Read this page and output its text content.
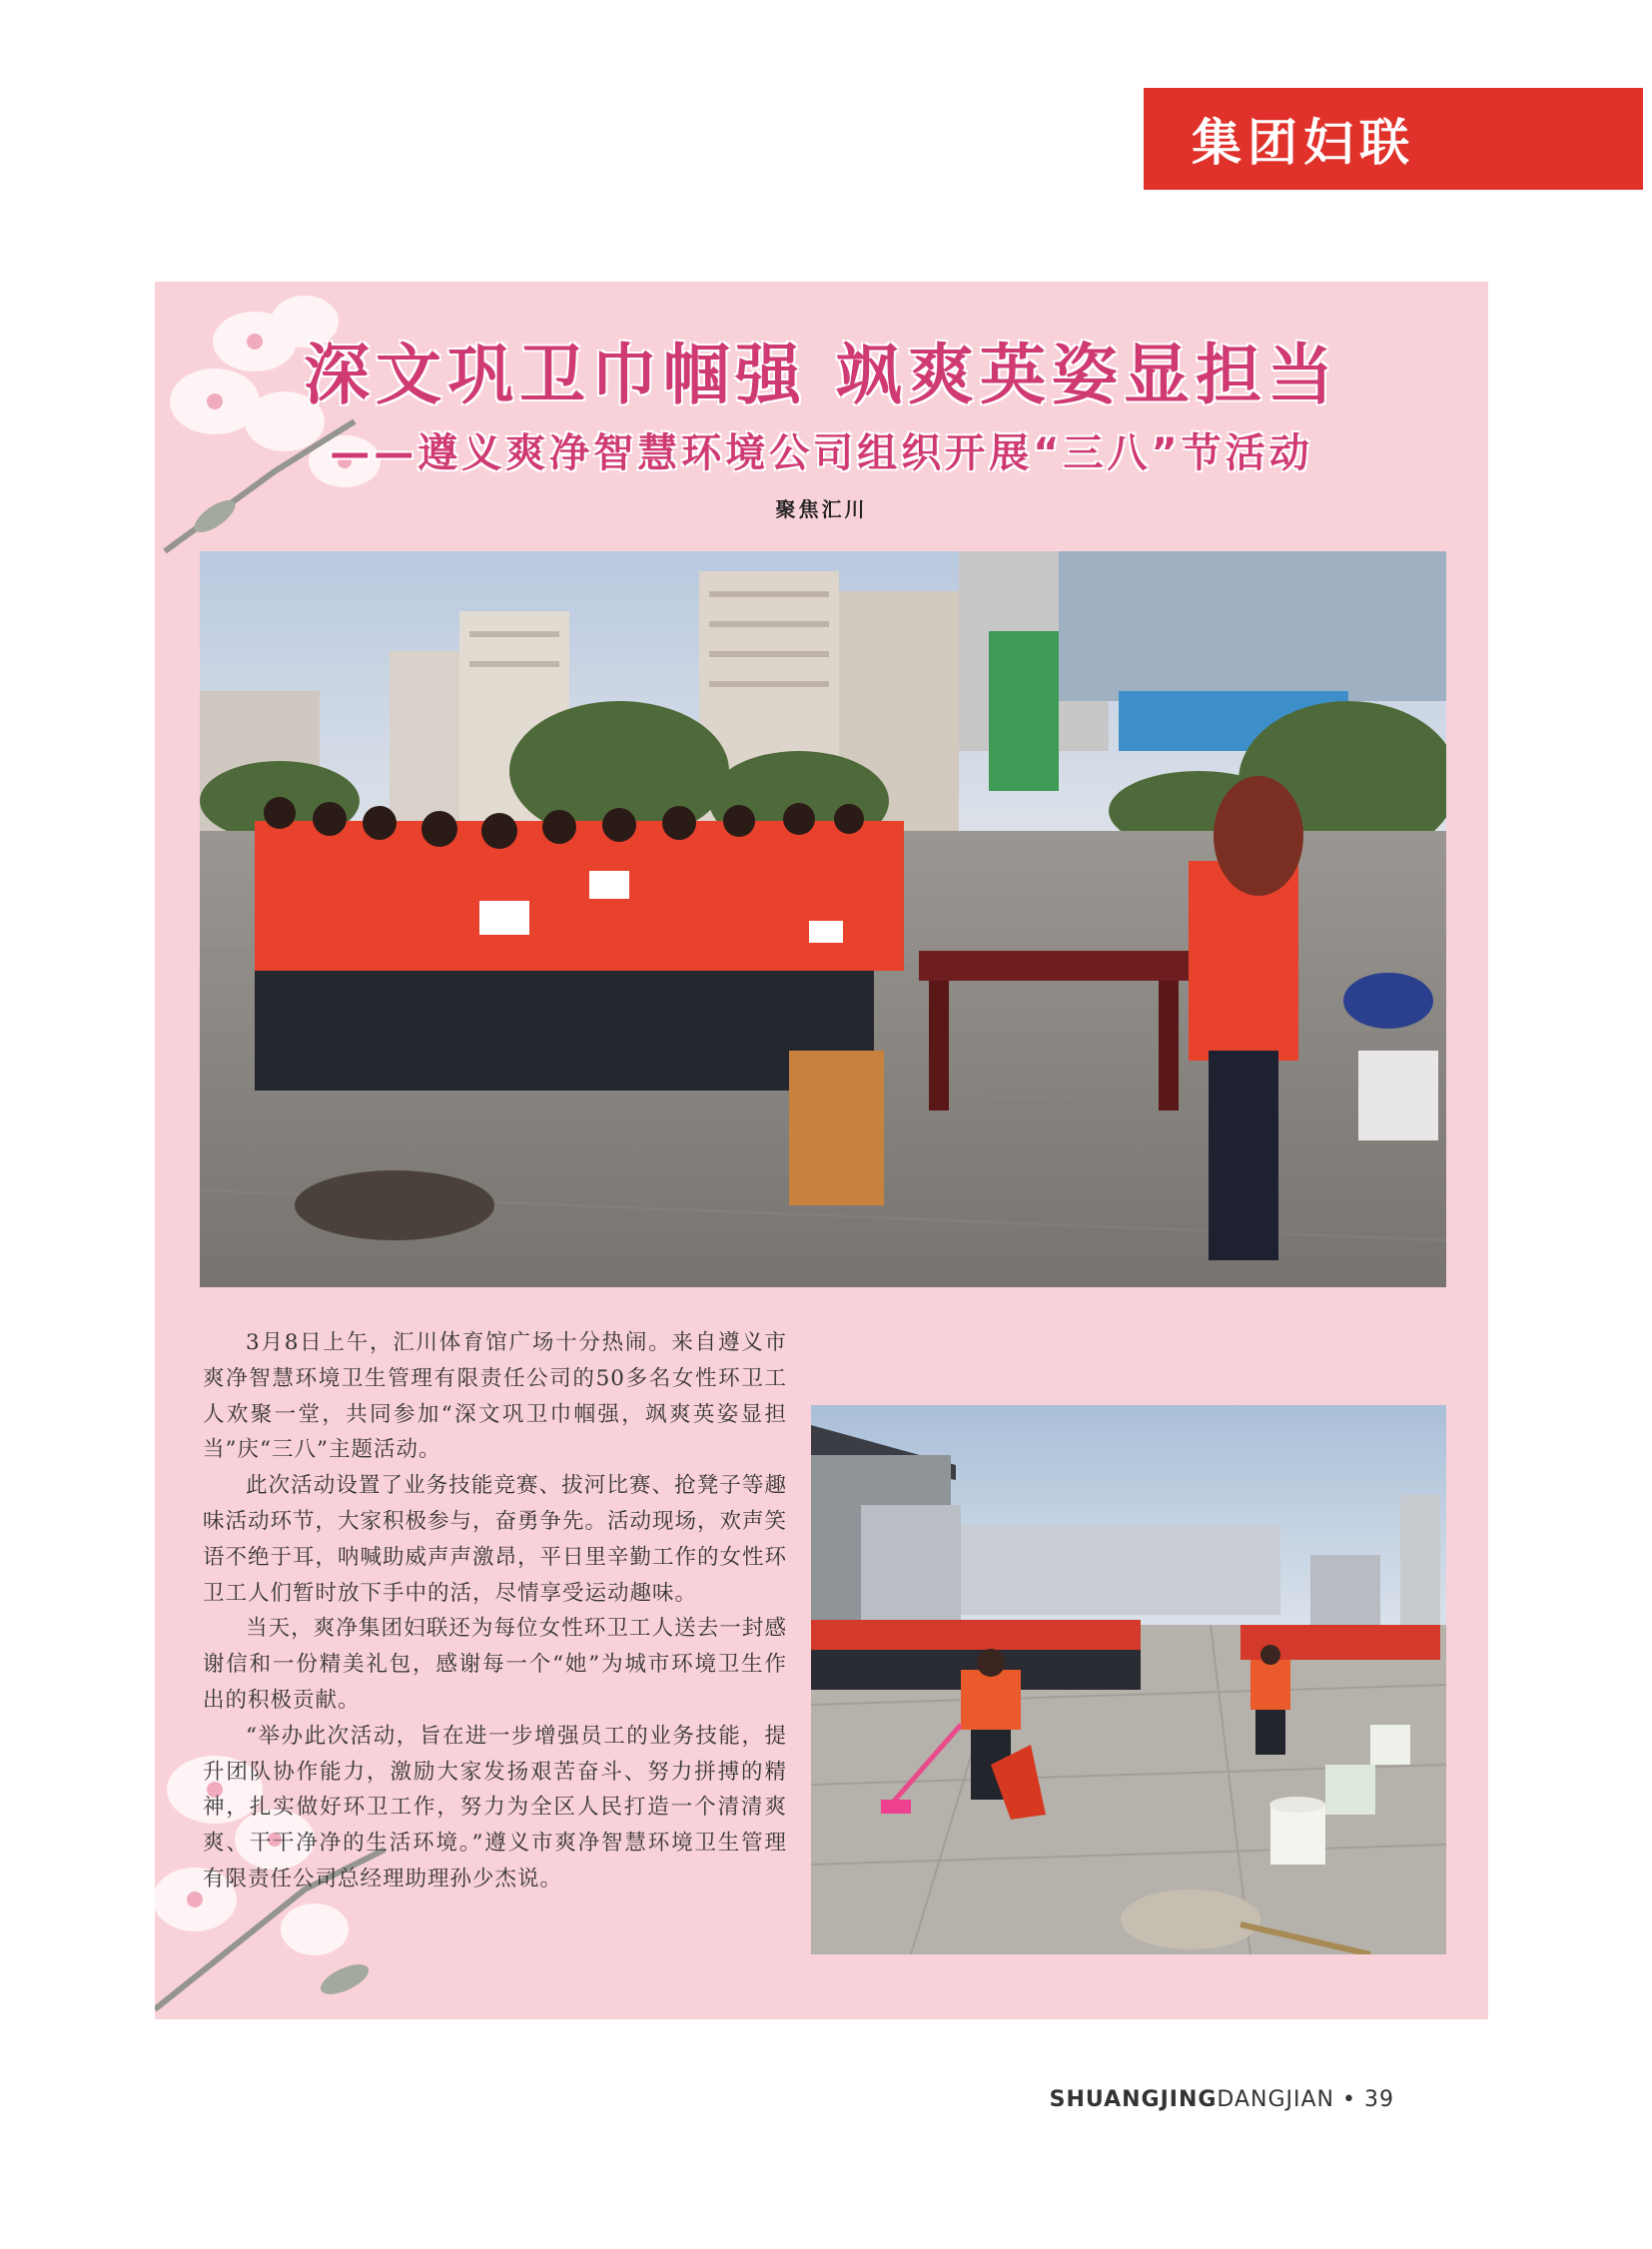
集团妇联
深文巩卫巾帼强 飒爽英姿显担当
——遵义爽净智慧环境公司组织开展“三八”节活动
聚焦汇川

3月8日上午，汇川体育馆广场十分热闹。来自遵义市爽净智慧环境卫生管理有限责任公司的50多名女性环卫工人欢聚一堂，共同参加“深文巩卫巾帼强，飒爽英姿显担当”庆“三八”主题活动。

此次活动设置了业务技能竞赛、拔河比赛、抢凳子等趣味活动环节，大家积极参与，奋勇争先。活动现场，欢声笑语不绝于耳，呐喊助威声声激昂，平日里辛勤工作的女性环卫工人们暂时放下手中的活，尽情享受运动趣味。

当天，爽净集团妇联还为每位女性环卫工人送去一封感谢信和一份精美礼包，感谢每一个“她”为城市环境卫生作出的积极贡献。

“举办此次活动，旨在进一步增强员工的业务技能，提升团队协作能力，激励大家发扬艰苦奋斗、努力拼搏的精神，扎实做好环卫工作，努力为全区人民打造一个清清爽爽、干干净净的生活环境。”遵义市爽净智慧环境卫生管理有限责任公司总经理助理孙少杰说。

SHUANGJINGDANGJIAN • 39
